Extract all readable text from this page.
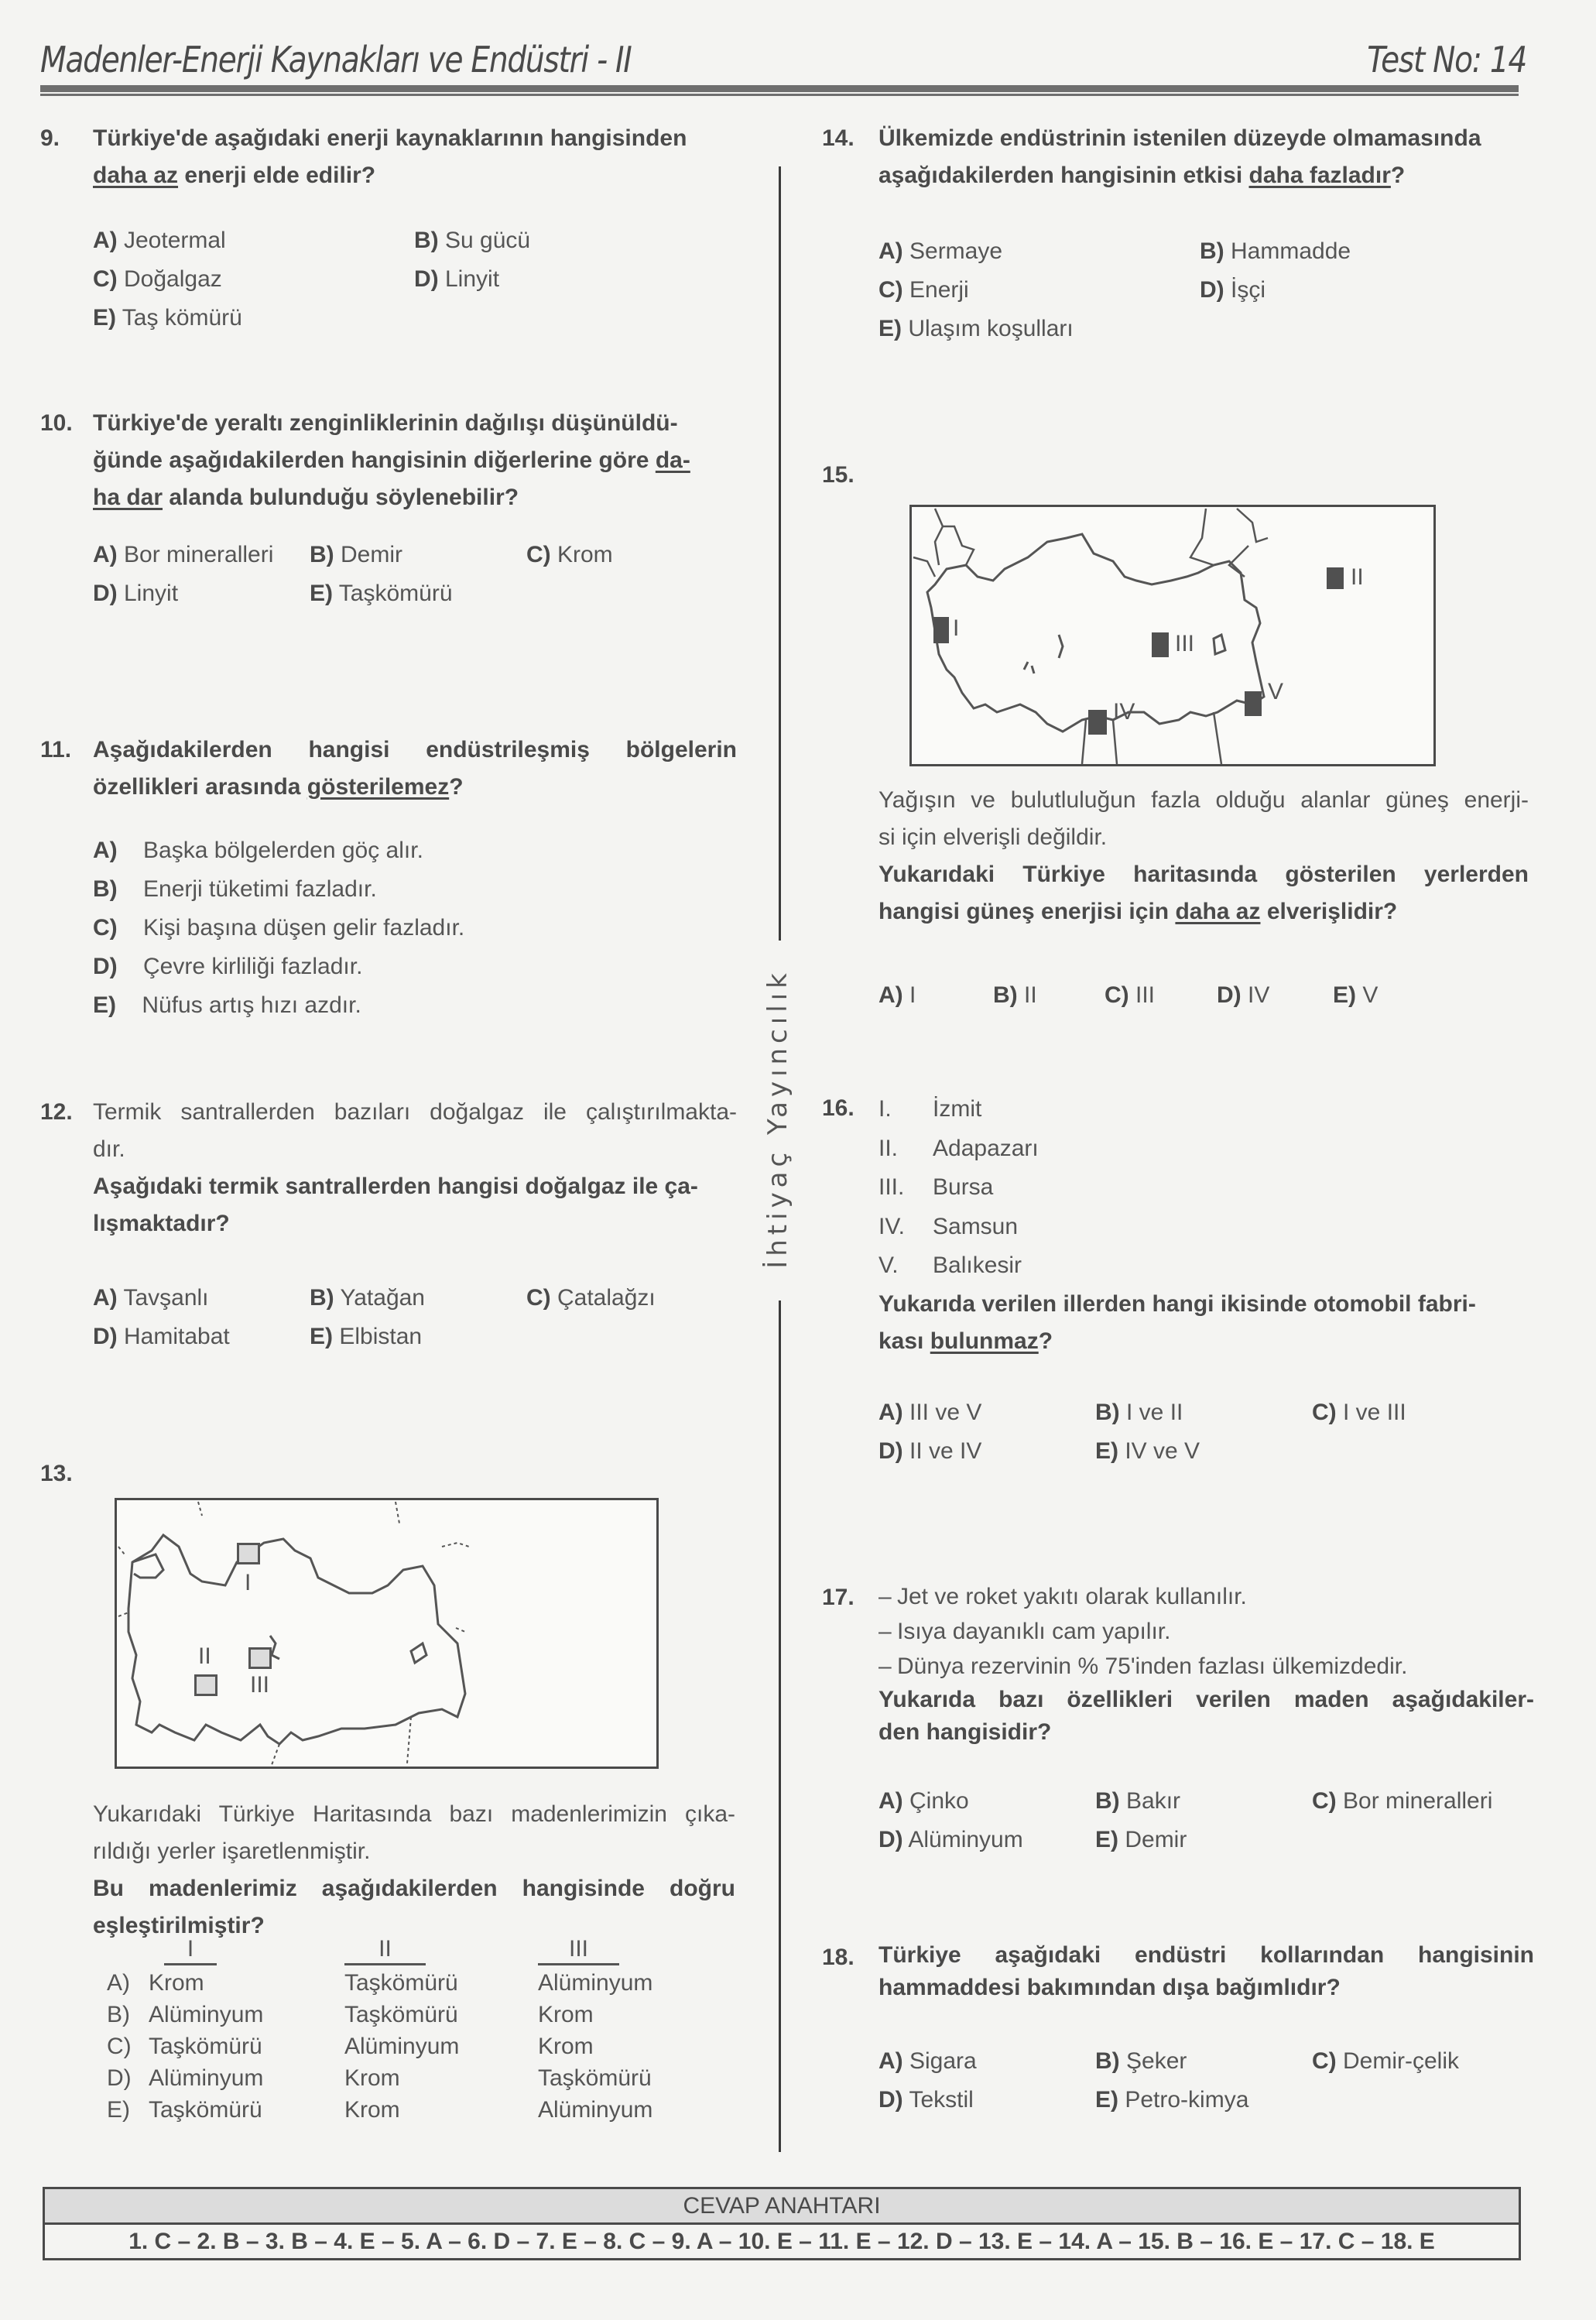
Madenler-Enerji Kaynakları ve Endüstri - II	Test No: 14
İhtiyaç Yayıncılık
9. Türkiye'de aşağıdaki enerji kaynaklarının hangisinden
daha az enerji elde edilir?
A) Jeotermal	B) Su gücü
C) Doğalgaz	D) Linyit
E) Taş kömürü
10. Türkiye'de yeraltı zenginliklerinin dağılışı düşünüldü-
ğünde aşağıdakilerden hangisinin diğerlerine göre da-
ha dar alanda bulunduğu söylenebilir?
A) Bor mineralleri B) Demir	C) Krom
D) Linyit	E) Taşkömürü
11. Aşağıdakilerden hangisi endüstrileşmiş bölgelerin
özellikleri arasında gösterilemez?
A) Başka bölgelerden göç alır.
B) Enerji tüketimi fazladır.
C) Kişi başına düşen gelir fazladır.
D) Çevre kirliliği fazladır.
E) Nüfus artış hızı azdır.
12. Termik santrallerden bazıları doğalgaz ile çalıştırılmakta-
dır.
Aşağıdaki termik santrallerden hangisi doğalgaz ile ça-
lışmaktadır?
A) Tavşanlı	B) Yatağan	C) Çatalağzı
D) Hamitabat	E) Elbistan
13.
I
II
III
Yukarıdaki Türkiye Haritasında bazı madenlerimizin çıka-
rıldığı yerler işaretlenmiştir.
Bu madenlerimiz aşağıdakilerden hangisinde doğru
eşleştirilmiştir?
I	II	III
A) Krom	Taşkömürü	Alüminyum
B) Alüminyum	Taşkömürü	Krom
C) Taşkömürü	Alüminyum	Krom
D) Alüminyum	Krom	Taşkömürü
E) Taşkömürü	Krom	Alüminyum
14. Ülkemizde endüstrinin istenilen düzeyde olmamasında
aşağıdakilerden hangisinin etkisi daha fazladır?
A) Sermaye	B) Hammadde
C) Enerji	D) İşçi
E) Ulaşım koşulları
15.
I
II
III
IV
V
Yağışın ve bulutluluğun fazla olduğu alanlar güneş enerji-
si için elverişli değildir.
Yukarıdaki Türkiye haritasında gösterilen yerlerden
hangisi güneş enerjisi için daha az elverişlidir?
A) I	B) II	C) III	D) IV	E) V
16. I. İzmit
II. Adapazarı
III. Bursa
IV. Samsun
V. Balıkesir
Yukarıda verilen illerden hangi ikisinde otomobil fabri-
kası bulunmaz?
A) III ve V	B) I ve II	C) I ve III
D) II ve IV	E) IV ve V
17. – Jet ve roket yakıtı olarak kullanılır.
– Isıya dayanıklı cam yapılır.
– Dünya rezervinin % 75'inden fazlası ülkemizdedir.
Yukarıda bazı özellikleri verilen maden aşağıdakiler-
den hangisidir?
A) Çinko	B) Bakır	C) Bor mineralleri
D) Alüminyum	E) Demir
18. Türkiye aşağıdaki endüstri kollarından hangisinin
hammaddesi bakımından dışa bağımlıdır?
A) Sigara	B) Şeker	C) Demir-çelik
D) Tekstil	E) Petro-kimya
CEVAP ANAHTARI
1. C – 2. B – 3. B – 4. E – 5. A – 6. D – 7. E – 8. C – 9. A – 10. E – 11. E – 12. D – 13. E – 14. A – 15. B – 16. E – 17. C – 18. E
